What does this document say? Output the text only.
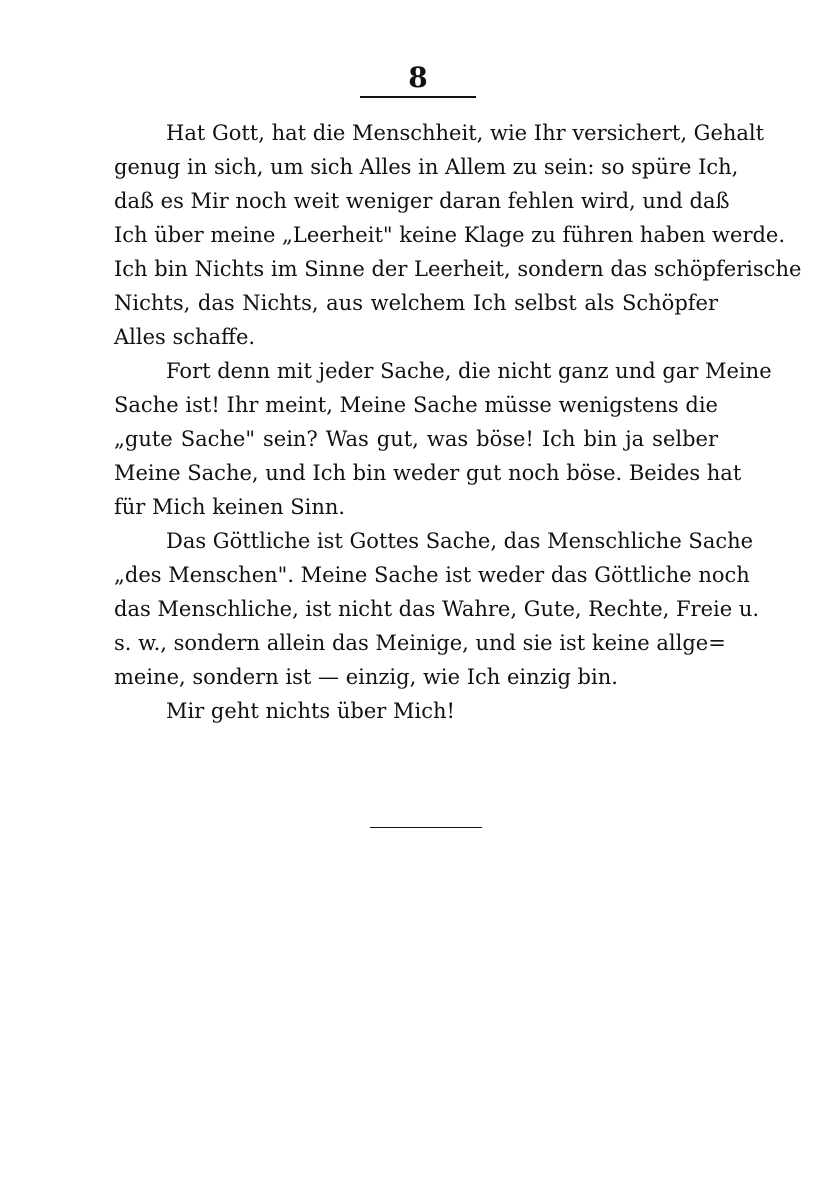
8
Hat Gott, hat die Menschheit, wie Ihr versichert, Gehalt
genug in sich, um sich Alles in Allem zu sein: so spüre Ich,
daß es Mir noch weit weniger daran fehlen wird, und daß
Ich über meine „Leerheit" keine Klage zu führen haben werde.
Ich bin Nichts im Sinne der Leerheit, sondern das schöpferische
Nichts, das Nichts, aus welchem Ich selbst als Schöpfer
Alles schaffe.
Fort denn mit jeder Sache, die nicht ganz und gar Meine
Sache ist! Ihr meint, Meine Sache müsse wenigstens die
„gute Sache" sein? Was gut, was böse! Ich bin ja selber
Meine Sache, und Ich bin weder gut noch böse. Beides hat
für Mich keinen Sinn.
Das Göttliche ist Gottes Sache, das Menschliche Sache
„des Menschen". Meine Sache ist weder das Göttliche noch
das Menschliche, ist nicht das Wahre, Gute, Rechte, Freie u.
s. w., sondern allein das Meinige, und sie ist keine allge=
meine, sondern ist — einzig, wie Ich einzig bin.
Mir geht nichts über Mich!
